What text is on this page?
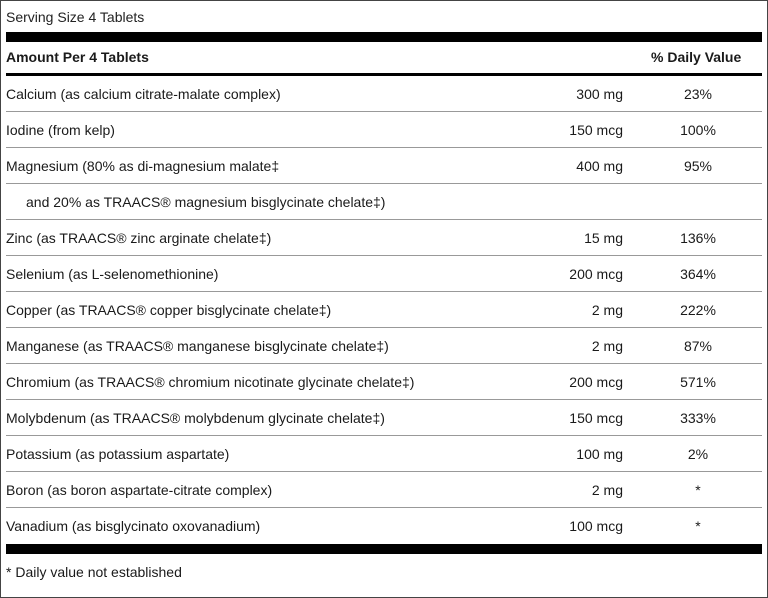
Serving Size 4 Tablets
Amount Per 4 Tablets	% Daily Value
Calcium (as calcium citrate-malate complex)	300 mg	23%
Iodine (from kelp)	150 mcg	100%
Magnesium (80% as di-magnesium malate‡	400 mg	95%
and 20% as TRAACS® magnesium bisglycinate chelate‡)
Zinc (as TRAACS® zinc arginate chelate‡)	15 mg	136%
Selenium (as L-selenomethionine)	200 mcg	364%
Copper (as TRAACS® copper bisglycinate chelate‡)	2 mg	222%
Manganese (as TRAACS® manganese bisglycinate chelate‡)	2 mg	87%
Chromium (as TRAACS® chromium nicotinate glycinate chelate‡)	200 mcg	571%
Molybdenum (as TRAACS® molybdenum glycinate chelate‡)	150 mcg	333%
Potassium (as potassium aspartate)	100 mg	2%
Boron (as boron aspartate-citrate complex)	2 mg	*
Vanadium (as bisglycinato oxovanadium)	100 mcg	*
* Daily value not established
